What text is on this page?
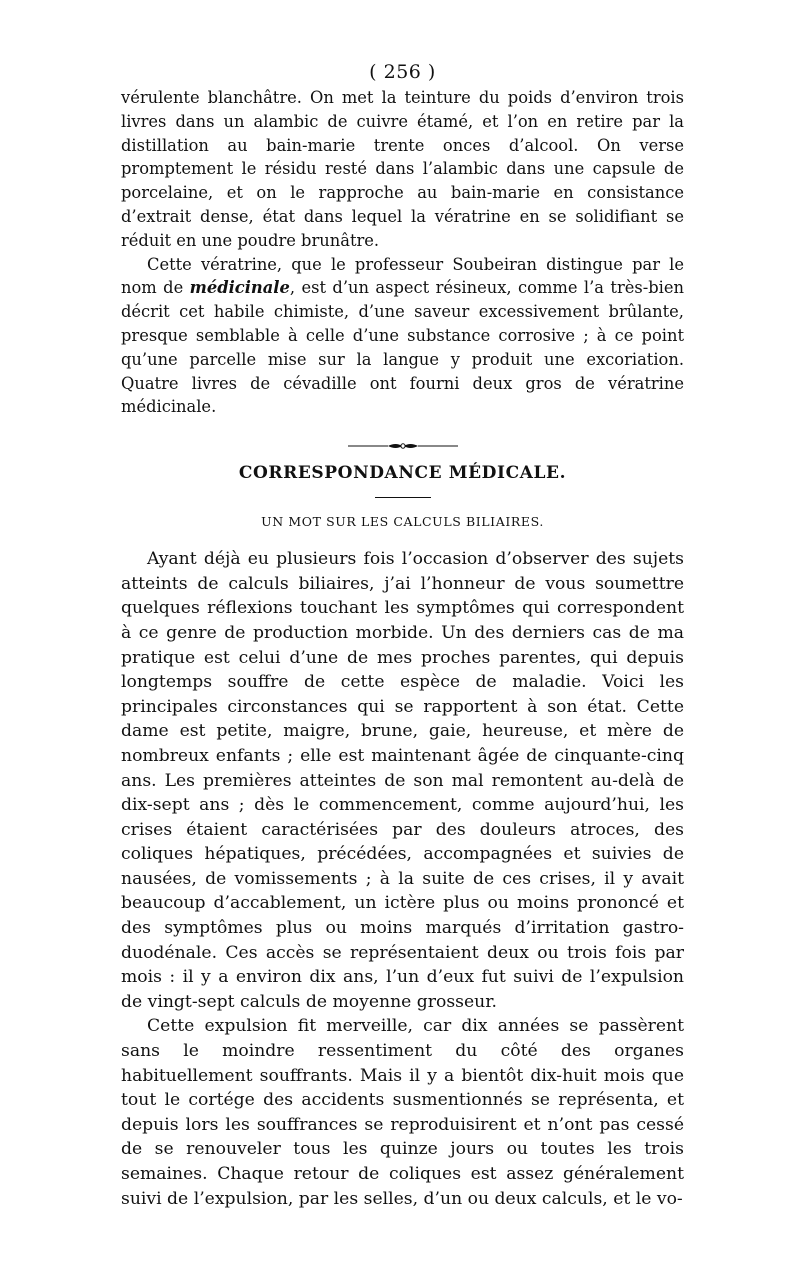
( 256 )

vérulente blanchâtre. On met la teinture du poids d’environ trois livres dans un alambic de cuivre étamé, et l’on en retire par la distillation au bain-marie trente onces d’alcool. On verse promptement le résidu resté dans l’alambic dans une capsule de porcelaine, et on le rapproche au bain-marie en consistance d’extrait dense, état dans lequel la vératrine en se solidifiant se réduit en une poudre brunâtre.

Cette vératrine, que le professeur Soubeiran distingue par le nom de médicinale, est d’un aspect résineux, comme l’a très-bien décrit cet habile chimiste, d’une saveur excessivement brûlante, presque semblable à celle d’une substance corrosive ; à ce point qu’une parcelle mise sur la langue y produit une excoriation. Quatre livres de cévadille ont fourni deux gros de vératrine médicinale.

CORRESPONDANCE MÉDICALE.
UN MOT SUR LES CALCULS BILIAIRES.

Ayant déjà eu plusieurs fois l’occasion d’observer des sujets atteints de calculs biliaires, j’ai l’honneur de vous soumettre quelques réflexions touchant les symptômes qui correspondent à ce genre de production morbide. Un des derniers cas de ma pratique est celui d’une de mes proches parentes, qui depuis longtemps souffre de cette espèce de maladie. Voici les principales circonstances qui se rapportent à son état. Cette dame est petite, maigre, brune, gaie, heureuse, et mère de nombreux enfants ; elle est maintenant âgée de cinquante-cinq ans. Les premières atteintes de son mal remontent au-delà de dix-sept ans ; dès le commencement, comme aujourd’hui, les crises étaient caractérisées par des douleurs atroces, des coliques hépatiques, précédées, accompagnées et suivies de nausées, de vomissements ; à la suite de ces crises, il y avait beaucoup d’accablement, un ictère plus ou moins prononcé et des symptômes plus ou moins marqués d’irritation gastro-duodénale. Ces accès se représentaient deux ou trois fois par mois : il y a environ dix ans, l’un d’eux fut suivi de l’expulsion de vingt-sept calculs de moyenne grosseur.

Cette expulsion fit merveille, car dix années se passèrent sans le moindre ressentiment du côté des organes habituellement souffrants. Mais il y a bientôt dix-huit mois que tout le cortége des accidents susmentionnés se représenta, et depuis lors les souffrances se reproduisirent et n’ont pas cessé de se renouveler tous les quinze jours ou toutes les trois semaines. Chaque retour de coliques est assez généralement suivi de l’expulsion, par les selles, d’un ou deux calculs, et le vo-
